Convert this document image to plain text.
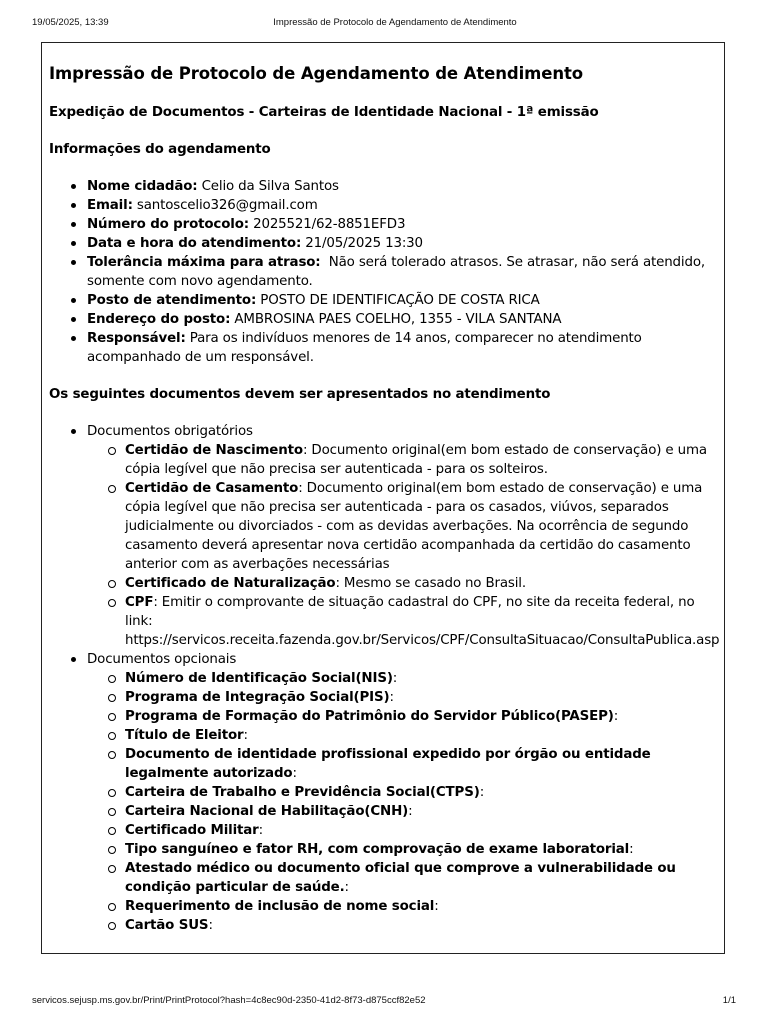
19/05/2025, 13:39	Impressão de Protocolo de Agendamento de Atendimento
Impressão de Protocolo de Agendamento de Atendimento
Expedição de Documentos - Carteiras de Identidade Nacional - 1ª emissão
Informações do agendamento
Nome cidadão: Celio da Silva Santos
Email: santoscelio326@gmail.com
Número do protocolo: 2025521/62-8851EFD3
Data e hora do atendimento: 21/05/2025 13:30
Tolerância máxima para atraso:  Não será tolerado atrasos. Se atrasar, não será atendido, somente com novo agendamento.
Posto de atendimento: POSTO DE IDENTIFICAÇÃO DE COSTA RICA
Endereço do posto: AMBROSINA PAES COELHO, 1355 - VILA SANTANA
Responsável: Para os indivíduos menores de 14 anos, comparecer no atendimento acompanhado de um responsável.
Os seguintes documentos devem ser apresentados no atendimento
Documentos obrigatórios
Certidão de Nascimento: Documento original(em bom estado de conservação) e uma cópia legível que não precisa ser autenticada - para os solteiros.
Certidão de Casamento: Documento original(em bom estado de conservação) e uma cópia legível que não precisa ser autenticada - para os casados, viúvos, separados judicialmente ou divorciados - com as devidas averbações. Na ocorrência de segundo casamento deverá apresentar nova certidão acompanhada da certidão do casamento anterior com as averbações necessárias
Certificado de Naturalização: Mesmo se casado no Brasil.
CPF: Emitir o comprovante de situação cadastral do CPF, no site da receita federal, no link:
https://servicos.receita.fazenda.gov.br/Servicos/CPF/ConsultaSituacao/ConsultaPublica.asp
Documentos opcionais
Número de Identificação Social(NIS):
Programa de Integração Social(PIS):
Programa de Formação do Patrimônio do Servidor Público(PASEP):
Título de Eleitor:
Documento de identidade profissional expedido por órgão ou entidade legalmente autorizado:
Carteira de Trabalho e Previdência Social(CTPS):
Carteira Nacional de Habilitação(CNH):
Certificado Militar:
Tipo sanguíneo e fator RH, com comprovação de exame laboratorial:
Atestado médico ou documento oficial que comprove a vulnerabilidade ou condição particular de saúde.:
Requerimento de inclusão de nome social:
Cartão SUS:
servicos.sejusp.ms.gov.br/Print/PrintProtocol?hash=4c8ec90d-2350-41d2-8f73-d875ccf82e52	1/1
